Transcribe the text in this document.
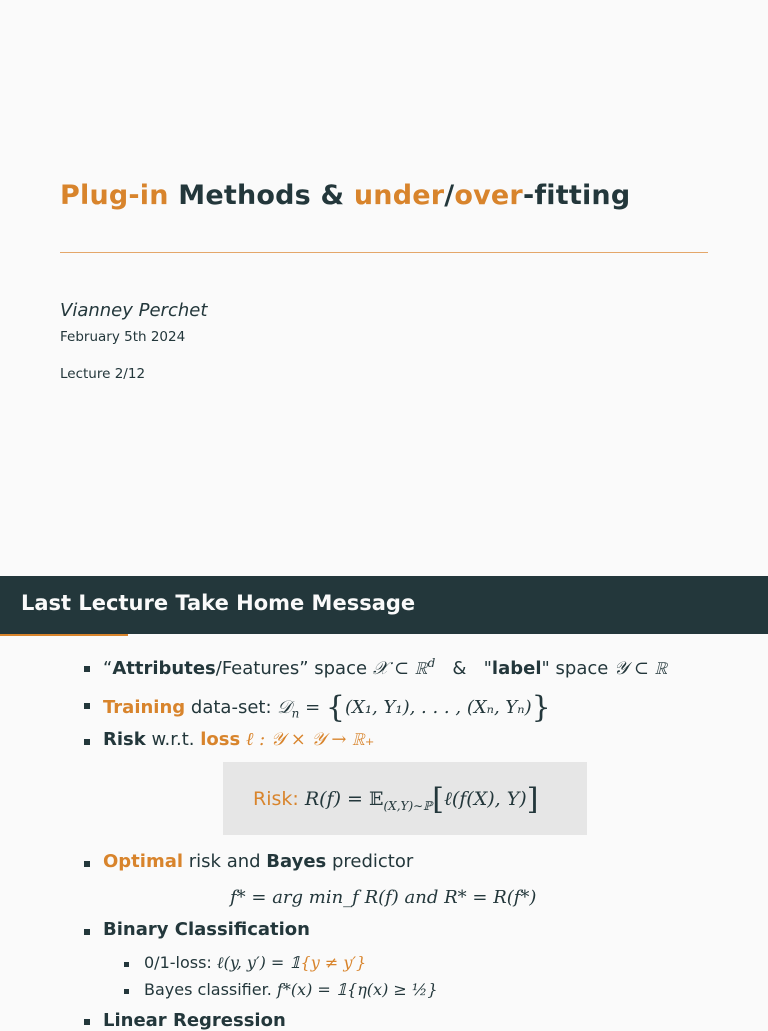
Plug-in Methods & under/over-fitting
Vianney Perchet
February 5th 2024
Lecture 2/12
Last Lecture Take Home Message
“Attributes/Features” space 𝒳 ⊂ ℝ$^d$   &   "label" space 𝒴 ⊂ ℝ
Training data-set: 𝒟$_n$ = {(X₁, Y₁), . . . , (Xₙ, Yₙ)}
Risk w.r.t. loss ℓ : 𝒴 × 𝒴 → ℝ₊
Risk: R(f) = 𝔼$_{(X,Y)\sim ℙ}$[ℓ(f(X), Y)]
Optimal risk and Bayes predictor
f* = arg min_f R(f) and R* = R(f*)
Binary Classification
0/1-loss: ℓ(y, y′) = 𝟙{y ≠ y′}
Bayes classifier. f*(x) = 𝟙{η(x) ≥ ½}
Linear Regression
